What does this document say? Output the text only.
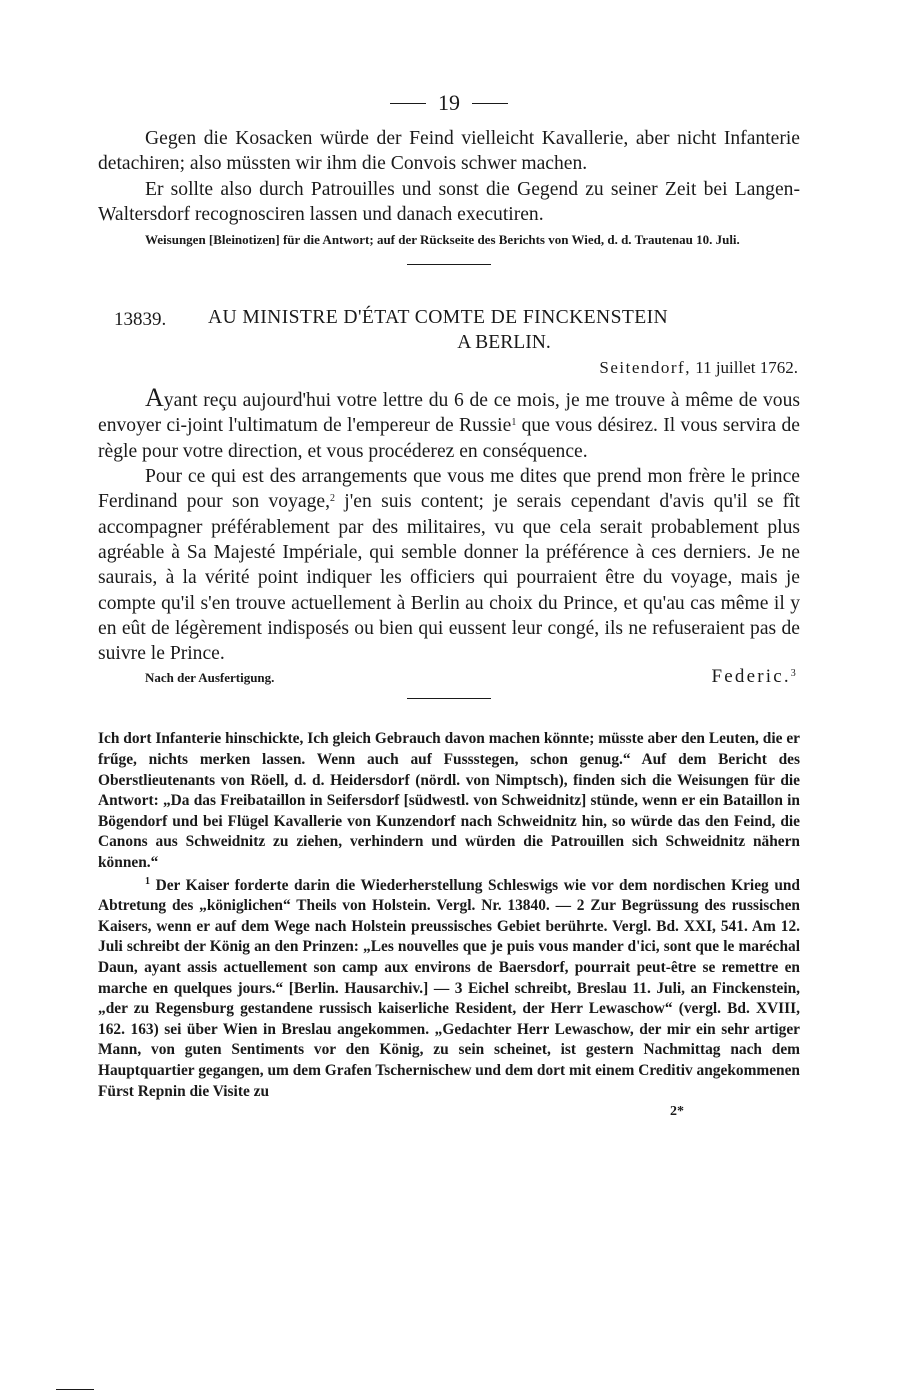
19

Gegen die Kosacken würde der Feind vielleicht Kavallerie, aber nicht Infanterie detachiren; also müssten wir ihm die Convois schwer machen.

Er sollte also durch Patrouilles und sonst die Gegend zu seiner Zeit bei Langen-Waltersdorf recognosciren lassen und danach executiren.

Weisungen [Bleinotizen] für die Antwort; auf der Rückseite des Berichts von Wied, d. d. Trautenau 10. Juli.

13839.	AU MINISTRE D'ÉTAT COMTE DE FINCKENSTEIN
A BERLIN.
Seitendorf, 11 juillet 1762.

Ayant reçu aujourd'hui votre lettre du 6 de ce mois, je me trouve à même de vous envoyer ci-joint l'ultimatum de l'empereur de Russie$^1$ que vous désirez. Il vous servira de règle pour votre direction, et vous procéderez en conséquence.

Pour ce qui est des arrangements que vous me dites que prend mon frère le prince Ferdinand pour son voyage,$^2$ j'en suis content; je serais cependant d'avis qu'il se fît accompagner préférablement par des militaires, vu que cela serait probablement plus agréable à Sa Majesté Impériale, qui semble donner la préférence à ces derniers. Je ne saurais, à la vérité point indiquer les officiers qui pourraient être du voyage, mais je compte qu'il s'en trouve actuellement à Berlin au choix du Prince, et qu'au cas même il y en eût de légèrement indisposés ou bien qui eussent leur congé, ils ne refuseraient pas de suivre le Prince.

Nach der Ausfertigung.	Federic.$^3$

Ich dort Infanterie hinschickte, Ich gleich Gebrauch davon machen könnte; müsste aber den Leuten, die er frűge, nichts merken lassen. Wenn auch auf Fussstegen, schon genug.“ Auf dem Bericht des Oberstlieutenants von Röell, d. d. Heidersdorf (nördl. von Nimptsch), finden sich die Weisungen für die Antwort: „Da das Freibataillon in Seifersdorf [südwestl. von Schweidnitz] stünde, wenn er ein Bataillon in Bögendorf und bei Flügel Kavallerie von Kunzendorf nach Schweidnitz hin, so würde das den Feind, die Canons aus Schweidnitz zu ziehen, verhindern und würden die Patrouillen sich Schweidnitz nähern können.“

$^1$ Der Kaiser forderte darin die Wiederherstellung Schleswigs wie vor dem nordischen Krieg und Abtretung des „königlichen“ Theils von Holstein. Vergl. Nr. 13840. — 2 Zur Begrüssung des russischen Kaisers, wenn er auf dem Wege nach Holstein preussisches Gebiet berührte. Vergl. Bd. XXI, 541. Am 12. Juli schreibt der König an den Prinzen: „Les nouvelles que je puis vous mander d'ici, sont que le maréchal Daun, ayant assis actuellement son camp aux environs de Baersdorf, pourrait peut-être se remettre en marche en quelques jours.“ [Berlin. Hausarchiv.] — 3 Eichel schreibt, Breslau 11. Juli, an Finckenstein, „der zu Regensburg gestandene russisch kaiserliche Resident, der Herr Lewaschow“ (vergl. Bd. XVIII, 162. 163) sei über Wien in Breslau angekommen. „Gedachter Herr Lewaschow, der mir ein sehr artiger Mann, von guten Sentiments vor den König, zu sein scheinet, ist gestern Nachmittag nach dem Hauptquartier gegangen, um dem Grafen Tschernischew und dem dort mit einem Creditiv angekommenen Fürst Repnin die Visite zu

2*
